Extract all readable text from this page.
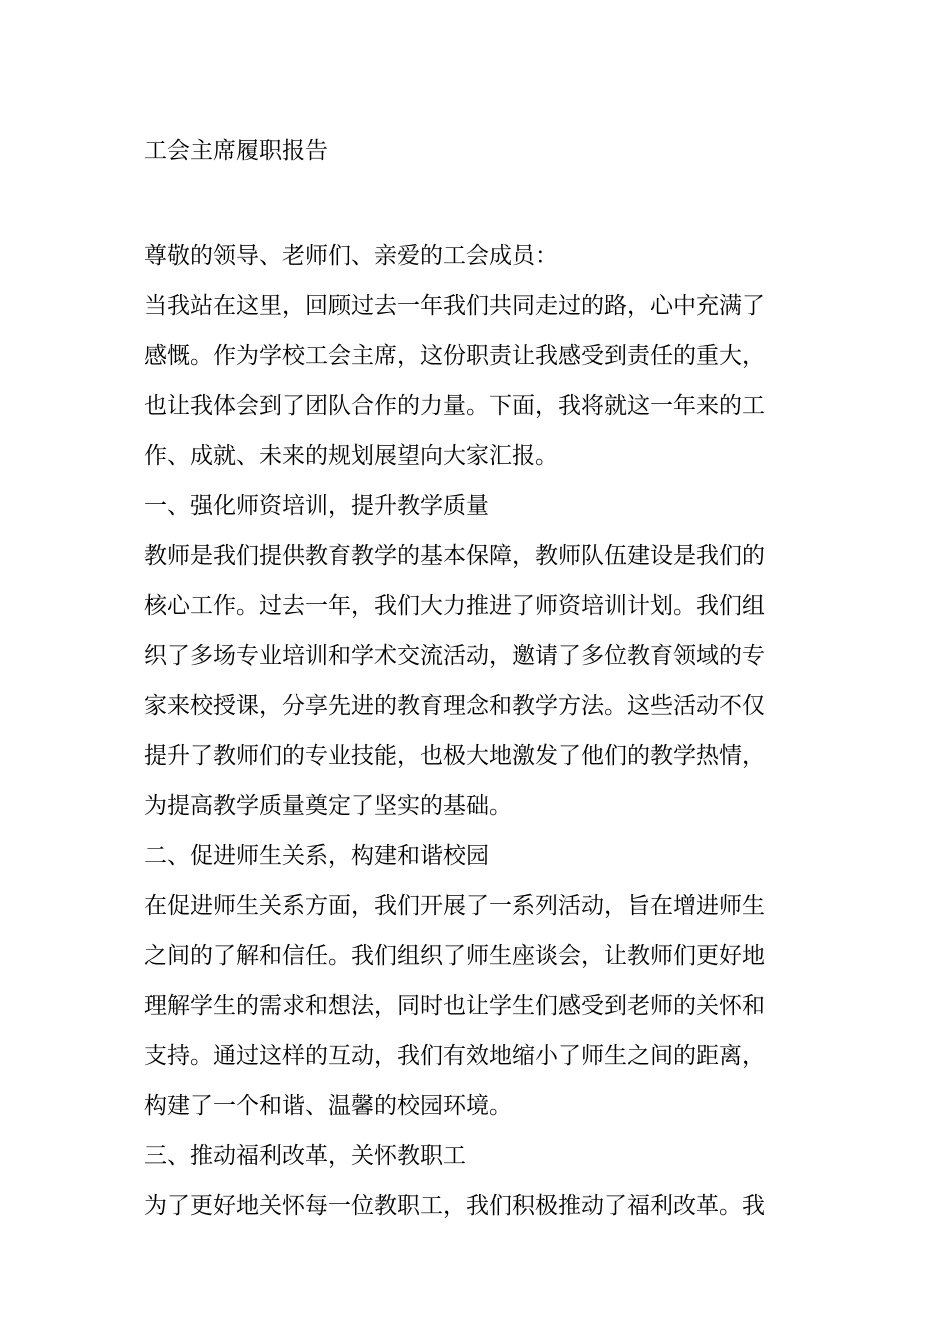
工会主席履职报告
尊敬的领导、老师们、亲爱的工会成员：
当我站在这里，回顾过去一年我们共同走过的路，心中充满了
感慨。作为学校工会主席，这份职责让我感受到责任的重大，
也让我体会到了团队合作的力量。下面，我将就这一年来的工
作、成就、未来的规划展望向大家汇报。
一、强化师资培训，提升教学质量
教师是我们提供教育教学的基本保障，教师队伍建设是我们的
核心工作。过去一年，我们大力推进了师资培训计划。我们组
织了多场专业培训和学术交流活动，邀请了多位教育领域的专
家来校授课，分享先进的教育理念和教学方法。这些活动不仅
提升了教师们的专业技能，也极大地激发了他们的教学热情，
为提高教学质量奠定了坚实的基础。
二、促进师生关系，构建和谐校园
在促进师生关系方面，我们开展了一系列活动，旨在增进师生
之间的了解和信任。我们组织了师生座谈会，让教师们更好地
理解学生的需求和想法，同时也让学生们感受到老师的关怀和
支持。通过这样的互动，我们有效地缩小了师生之间的距离，
构建了一个和谐、温馨的校园环境。
三、推动福利改革，关怀教职工
为了更好地关怀每一位教职工，我们积极推动了福利改革。我
